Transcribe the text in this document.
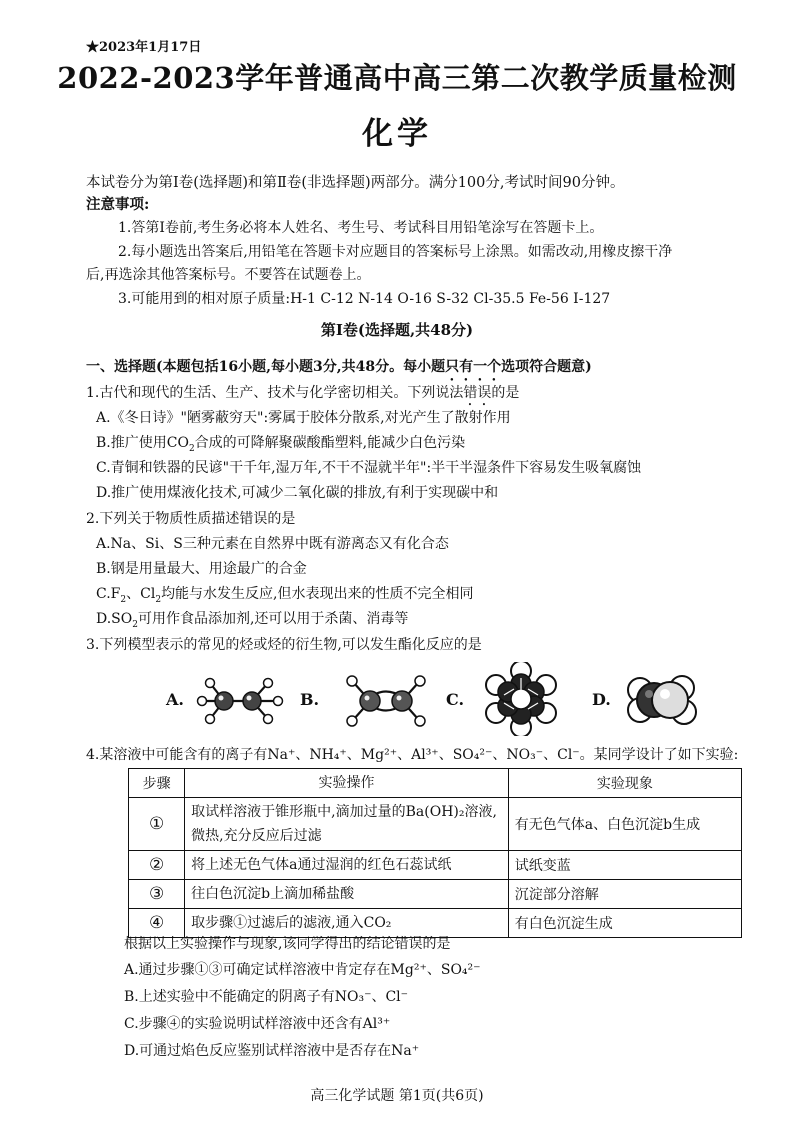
★2023年1月17日
2022-2023学年普通高中高三第二次教学质量检测
化学
本试卷分为第Ⅰ卷(选择题)和第Ⅱ卷(非选择题)两部分。满分100分,考试时间90分钟。
注意事项:
1.答第Ⅰ卷前,考生务必将本人姓名、考生号、考试科目用铅笔涂写在答题卡上。
2.每小题选出答案后,用铅笔在答题卡对应题目的答案标号上涂黑。如需改动,用橡皮擦干净
后,再选涂其他答案标号。不要答在试题卷上。
3.可能用到的相对原子质量:H-1 C-12 N-14 O-16 S-32 Cl-35.5 Fe-56 I-127
第Ⅰ卷(选择题,共48分)
一、选择题(本题包括16小题,每小题3分,共48分。每小题只有一个选项符合题意)
1.古代和现代的生活、生产、技术与化学密切相关。下列说法错误的是
A.《冬日诗》"陋雾蔽穷天":雾属于胶体分散系,对光产生了散射作用
B.推广使用$CO_2$合成的可降解聚碳酸酯塑料,能减少白色污染
C.青铜和铁器的民谚"干千年,湿万年,不干不湿就半年":半干半湿条件下容易发生吸氧腐蚀
D.推广使用煤液化技术,可减少二氧化碳的排放,有利于实现碳中和
2.下列关于物质性质描述错误的是
A.Na、Si、S三种元素在自然界中既有游离态又有化合态
B.钢是用量最大、用途最广的合金
$C.F_2$、$Cl_2$均能与水发生反应,但水表现出来的性质不完全相同
$D.SO_2$可用作食品添加剂,还可以用于杀菌、消毒等
3.下列模型表示的常见的烃或烃的衍生物,可以发生酯化反应的是
A.	B.	C.	D.
4.某溶液中可能含有的离子有Na⁺、NH₄⁺、Mg²⁺、Al³⁺、SO₄²⁻、NO₃⁻、Cl⁻。某同学设计了如下实验:
步骤	实验操作	实验现象
①	取试样溶液于锥形瓶中,滴加过量的Ba(OH)₂溶液,微热,充分反应后过滤	有无色气体a、白色沉淀b生成
②	将上述无色气体a通过湿润的红色石蕊试纸	试纸变蓝
③	往白色沉淀b上滴加稀盐酸	沉淀部分溶解
④	取步骤①过滤后的滤液,通入CO₂	有白色沉淀生成
根据以上实验操作与现象,该同学得出的结论错误的是
A.通过步骤①③可确定试样溶液中肯定存在Mg²⁺、SO₄²⁻
B.上述实验中不能确定的阴离子有NO₃⁻、Cl⁻
C.步骤④的实验说明试样溶液中还含有Al³⁺
D.可通过焰色反应鉴别试样溶液中是否存在Na⁺
高三化学试题 第1页(共6页)
